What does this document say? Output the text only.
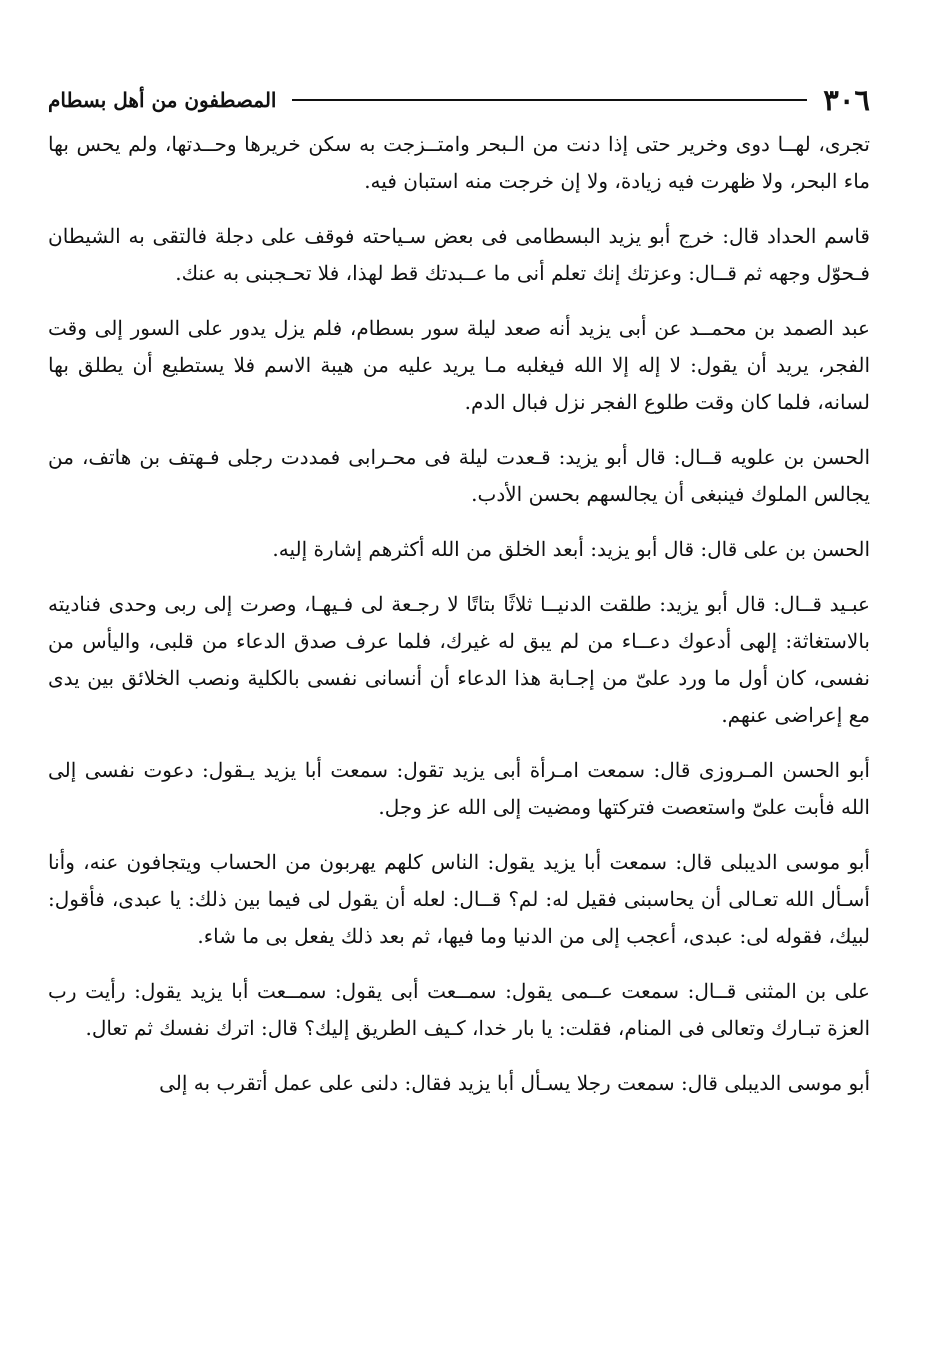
٣٠٦
المصطفون من أهل بسطام

تجرى، لهــا دوى وخرير حتى إذا دنت من الـبحر وامتــزجت به سكن خريرها وحــدتها، ولم يحس بها ماء البحر، ولا ظهرت فيه زيادة، ولا إن خرجت منه استبان فيه.

قاسم الحداد قال: خرج أبو يزيد البسطامى فى بعض سـياحته فوقف على دجلة فالتقى به الشيطان فـحوّل وجهه ثم قــال: وعزتك إنك تعلم أنى ما عــبدتك قط لهذا، فلا تحـجبنى به عنك.

عبد الصمد بن محمــد عن أبى يزيد أنه صعد ليلة سور بسطام، فلم يزل يدور على السور إلى وقت الفجر، يريد أن يقول: لا إله إلا الله فيغلبه مـا يريد عليه من هيبة الاسم فلا يستطيع أن يطلق بها لسانه، فلما كان وقت طلوع الفجر نزل فبال الدم.

الحسن بن علويه قــال: قال أبو يزيد: قـعدت ليلة فى محـرابى فمددت رجلى فـهتف بن هاتف، من يجالس الملوك فينبغى أن يجالسهم بحسن الأدب.

الحسن بن على قال: قال أبو يزيد: أبعد الخلق من الله أكثرهم إشارة إليه.

عبـيد قــال: قال أبو يزيد: طلقت الدنيــا ثلاثًا بتاتًا لا رجـعة لى فـيهـا، وصرت إلى ربى وحدى فناديته بالاستغاثة: إلهى أدعوك دعــاء من لم يبق له غيرك، فلما عرف صدق الدعاء من قلبى، واليأس من نفسى، كان أول ما ورد علىّ من إجـابة هذا الدعاء أن أنسانى نفسى بالكلية ونصب الخلائق بين يدى مع إعراضى عنهم.

أبو الحسن المـروزى قال: سمعت امـرأة أبى يزيد تقول: سمعت أبا يزيد يـقول: دعوت نفسى إلى الله فأبت علىّ واستعصت فتركتها ومضيت إلى الله عز وجل.

أبو موسى الديبلى قال: سمعت أبا يزيد يقول: الناس كلهم يهربون من الحساب ويتجافون عنه، وأنا أسـأل الله تعـالى أن يحاسبنى فقيل له: لم؟ قــال: لعله أن يقول لى فيما بين ذلك: يا عبدى، فأقول: لبيك، فقوله لى: عبدى، أعجب إلى من الدنيا وما فيها، ثم بعد ذلك يفعل بى ما شاء.

على بن المثنى قــال: سمعت عــمى يقول: سمــعت أبى يقول: سمــعت أبا يزيد يقول: رأيت رب العزة تبـارك وتعالى فى المنام، فقلت: يا بار خدا، كـيف الطريق إليك؟ قال: اترك نفسك ثم تعال.

أبو موسى الديبلى قال: سمعت رجلا يسـأل أبا يزيد فقال: دلنى على عمل أتقرب به إلى
